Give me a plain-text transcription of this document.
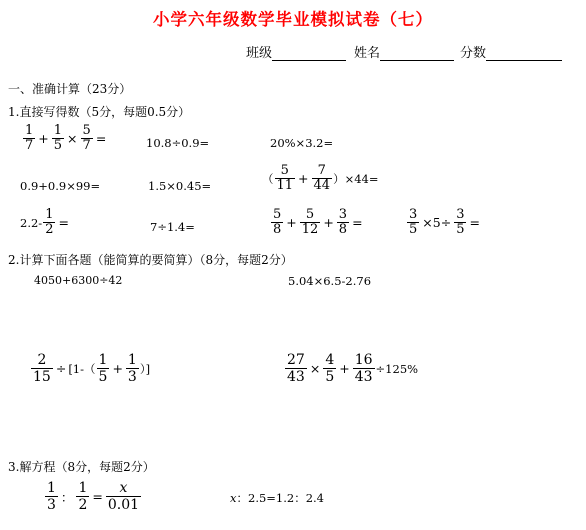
小学六年级数学毕业模拟试卷（七）
班级	姓名	分数
一、准确计算（23分）
1.直接写得数（5分，每题0.5分）
$\frac{1}{7} + \frac{1}{5} \times \frac{5}{7}$ =	10.8÷0.9=	20%×3.2=
0.9+0.9×99=	1.5×0.45=
（ $\frac{5}{11} + \frac{7}{44} )\times 44=$
$2.2- \frac{1}{2}$ =	7÷1.4=	$\frac{5}{8} + \frac{5}{12} + \frac{3}{8}$ =	$\frac{3}{5} \times 5\div \frac{3}{5}$ =
2.计算下面各题（能简算的要简算）（8分，每题2分）
4050+6300÷42	5.04×6.5-2.76
$\frac{2}{15} \div [1-( \frac{1}{5} + \frac{1}{3}$ ）]	$\frac{27}{43} \times \frac{4}{5} + \frac{16}{43} \div 125\%$
3.解方程（8分，每题2分）
$\frac{1}{3}$ ： $\frac{1}{2} = \frac{x}{0.01}$	x ：2.5=1.2：2.4
